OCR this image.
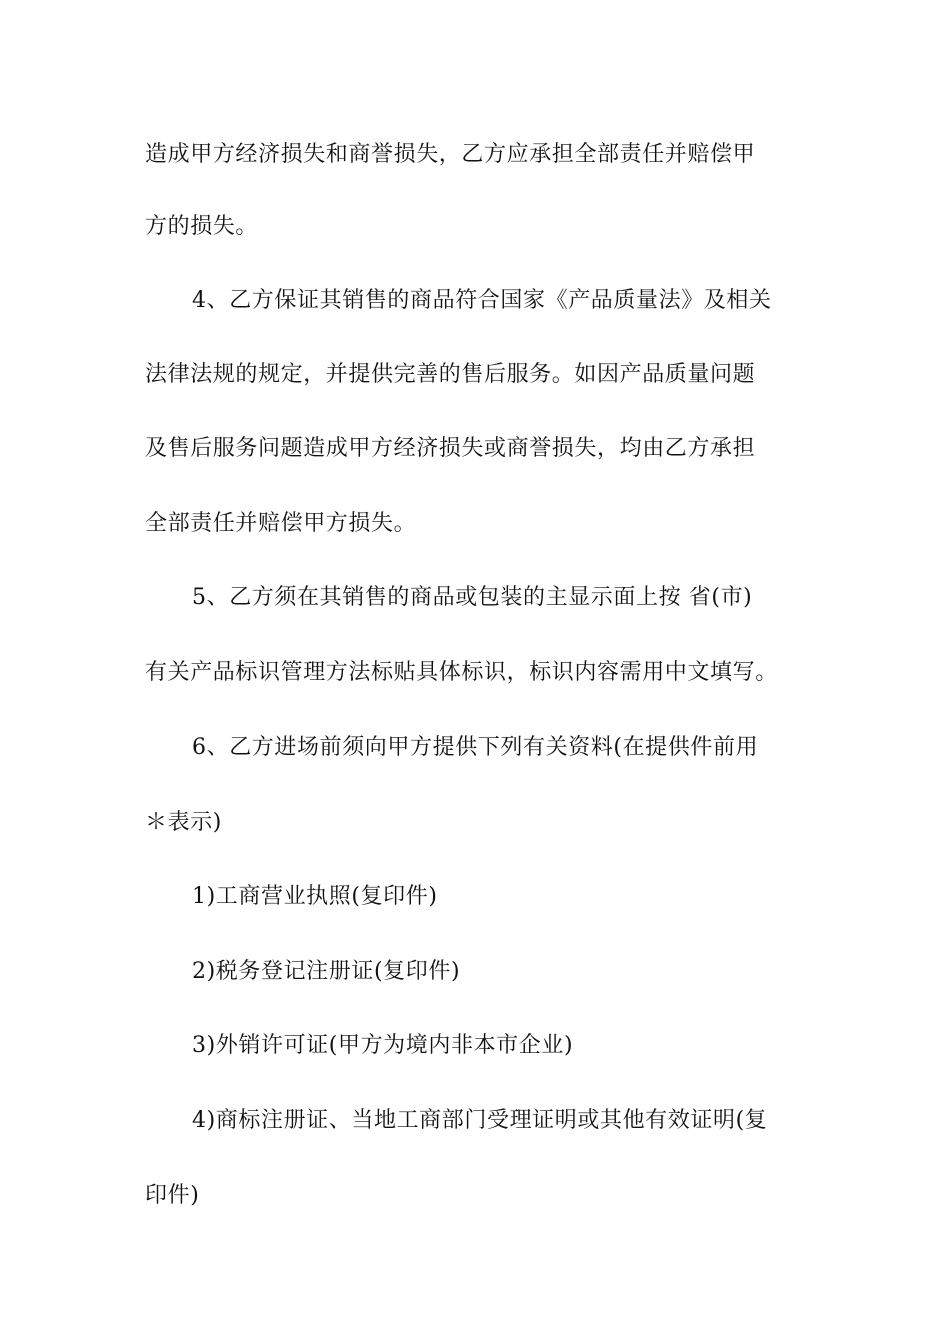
造成甲方经济损失和商誉损失，乙方应承担全部责任并赔偿甲
方的损失。
4、乙方保证其销售的商品符合国家《产品质量法》及相关
法律法规的规定，并提供完善的售后服务。如因产品质量问题
及售后服务问题造成甲方经济损失或商誉损失，均由乙方承担
全部责任并赔偿甲方损失。
5、乙方须在其销售的商品或包装的主显示面上按 省(市)
有关产品标识管理方法标贴具体标识，标识内容需用中文填写。
6、乙方进场前须向甲方提供下列有关资料(在提供件前用
＊表示)
1)工商营业执照(复印件)
2)税务登记注册证(复印件)
3)外销许可证(甲方为境内非本市企业)
4)商标注册证、当地工商部门受理证明或其他有效证明(复
印件)
